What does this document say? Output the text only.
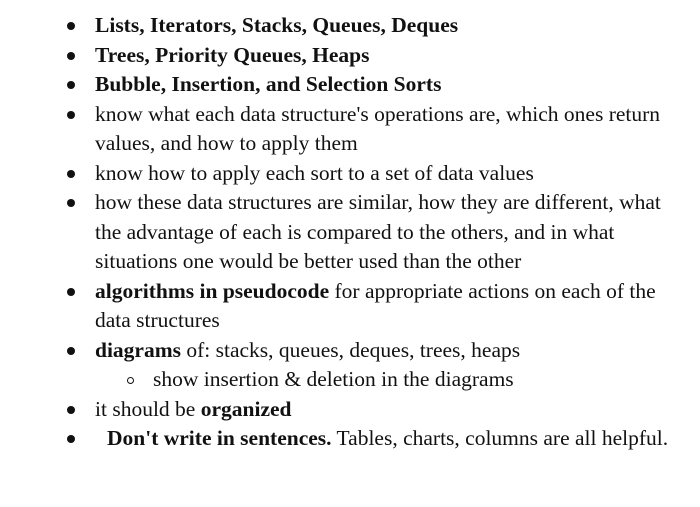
Lists, Iterators, Stacks, Queues, Deques
Trees, Priority Queues, Heaps
Bubble, Insertion, and Selection Sorts
know what each data structure's operations are, which ones return values, and how to apply them
know how to apply each sort to a set of data values
how these data structures are similar, how they are different, what the advantage of each is compared to the others, and in what situations one would be better used than the other
algorithms in pseudocode for appropriate actions on each of the data structures
diagrams of: stacks, queues, deques, trees, heaps
show insertion & deletion in the diagrams
it should be organized
Don't write in sentences. Tables, charts, columns are all helpful.
